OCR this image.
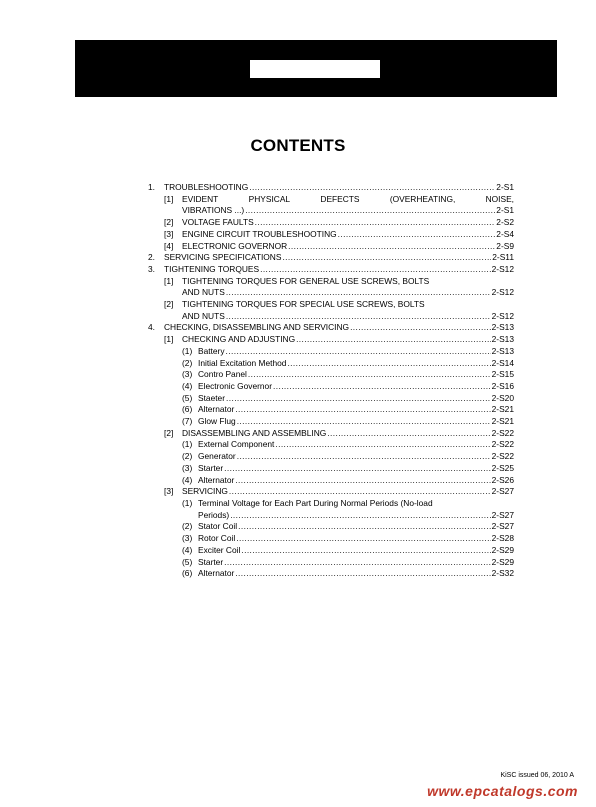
CONTENTS
1.	TROUBLESHOOTING .....	2-S1
[1]	EVIDENT	PHYSICAL	DEFECTS	(OVERHEATING,	NOISE,
VIBRATIONS ...) .....	2-S1
[2]	VOLTAGE FAULTS .....	2-S2
[3]	ENGINE CIRCUIT TROUBLESHOOTING .....	2-S4
[4]	ELECTRONIC GOVERNOR .....	2-S9
2.	SERVICING SPECIFICATIONS .....	2-S11
3.	TIGHTENING TORQUES .....	2-S12
[1]	TIGHTENING TORQUES FOR GENERAL USE SCREWS, BOLTS
AND NUTS .....	2-S12
[2]	TIGHTENING TORQUES FOR SPECIAL USE SCREWS, BOLTS
AND NUTS .....	2-S12
4.	CHECKING, DISASSEMBLING AND SERVICING .....	2-S13
[1]	CHECKING AND ADJUSTING .....	2-S13
(1) Battery .....	2-S13
(2) Initial Excitation Method .....	2-S14
(3) Contro Panel .....	2-S15
(4) Electronic Governor .....	2-S16
(5) Staeter .....	2-S20
(6) Alternator .....	2-S21
(7) Glow Flug .....	2-S21
[2]	DISASSEMBLING AND ASSEMBLING .....	2-S22
(1) External Component .....	2-S22
(2) Generator .....	2-S22
(3) Starter .....	2-S25
(4) Alternator .....	2-S26
[3]	SERVICING .....	2-S27
(1) Terminal Voltage for Each Part During Normal Periods (No-load
Periods) .....	2-S27
(2) Stator Coil .....	2-S27
(3) Rotor Coil .....	2-S28
(4) Exciter Coil .....	2-S29
(5) Starter .....	2-S29
(6) Alternator .....	2-S32
KiSC issued 06, 2010 A
www.epcatalogs.com
